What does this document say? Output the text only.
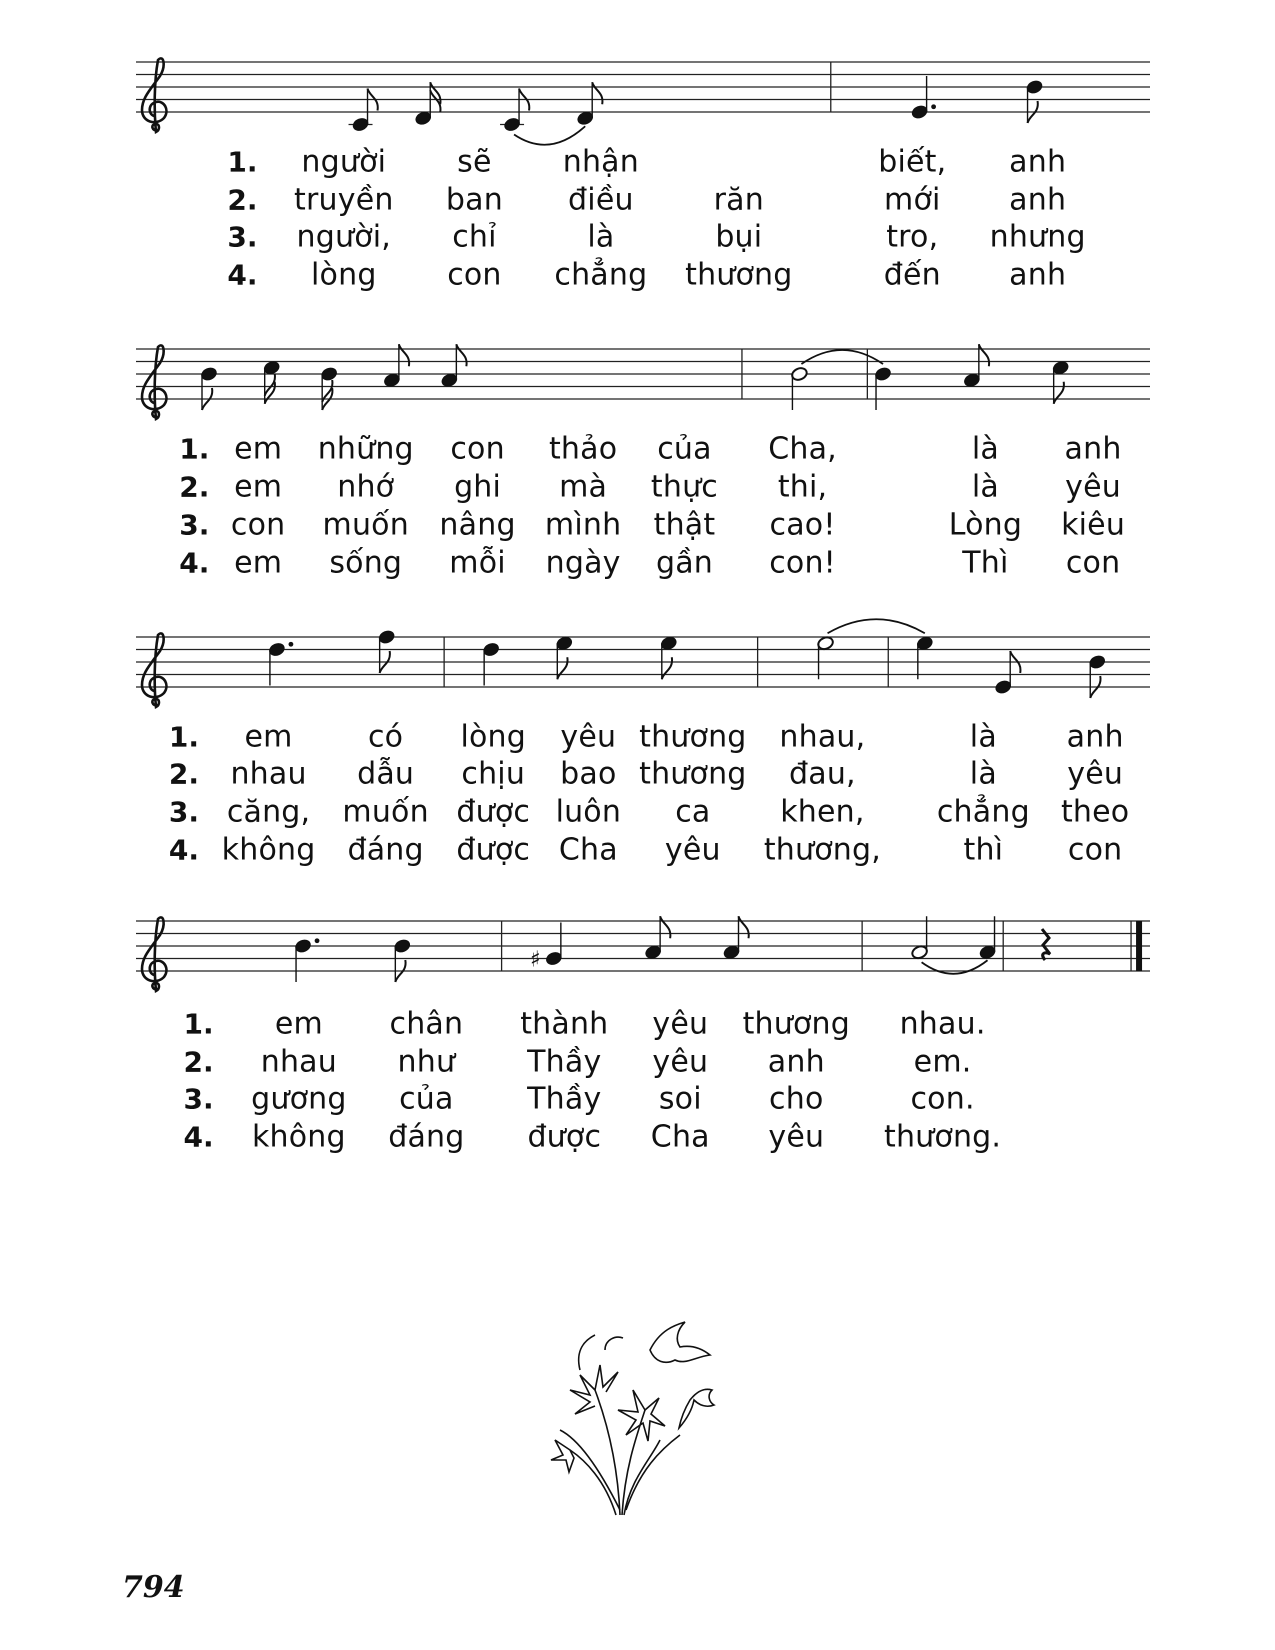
♯
794
1. người sẽ nhận	biết, anh
2. truyền ban điều	răn	mới anh
3. người, chỉ	là	bụi	tro, nhưng
4. lòng con chẳng thương	đến anh
1. em những con thảo của Cha,	là anh
2. em nhớ ghi mà thực thi,	là yêu
3. con muốn nâng mình thật cao!	Lòng kiêu
4. em sống mỗi ngày gần con!	Thì con
1. em	có lòng yêu thương nhau,	là anh
2. nhau dẫu chịu bao thương đau,	là yêu
3. căng, muốn được luôn ca khen, chẳng theo
4. không đáng được Cha yêu thương,	thì con
1. em chân thành yêu thương nhau.
2. nhau như Thầy yêu anh	em.
3. gương của Thầy soi cho	con.
4. không đáng được Cha yêu thương.
